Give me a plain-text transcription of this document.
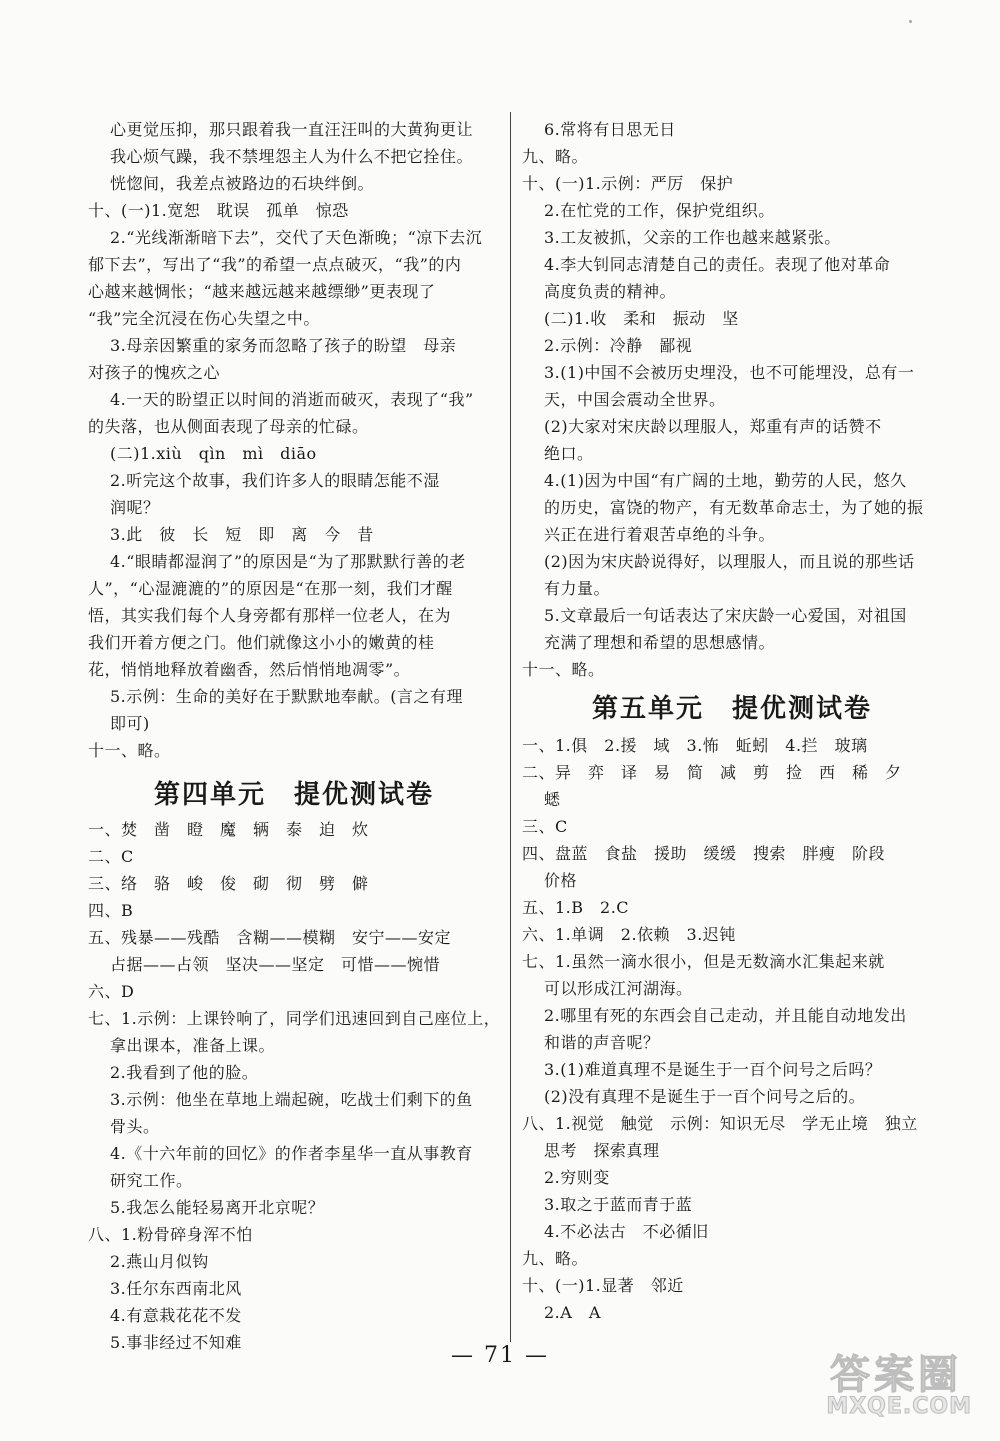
心更觉压抑，那只跟着我一直汪汪叫的大黄狗更让
我心烦气躁，我不禁埋怨主人为什么不把它拴住。
恍惚间，我差点被路边的石块绊倒。
十、(一)1.宽恕　耽误　孤单　惊恐
2.“光线渐渐暗下去”，交代了天色渐晚；“凉下去沉
郁下去”，写出了“我”的希望一点点破灭，“我”的内
心越来越惆怅；“越来越远越来越缥缈”更表现了
“我”完全沉浸在伤心失望之中。
3.母亲因繁重的家务而忽略了孩子的盼望　母亲
对孩子的愧疚之心
4.一天的盼望正以时间的消逝而破灭，表现了“我”
的失落，也从侧面表现了母亲的忙碌。
(二)1.xiù　qìn　mì　diāo
2.听完这个故事，我们许多人的眼睛怎能不湿
润呢？
3.此　彼　长　短　即　离　今　昔
4.“眼睛都湿润了”的原因是“为了那默默行善的老
人”，“心湿漉漉的”的原因是“在那一刻，我们才醒
悟，其实我们每个人身旁都有那样一位老人，在为
我们开着方便之门。他们就像这小小的嫩黄的桂
花，悄悄地释放着幽香，然后悄悄地凋零”。
5.示例：生命的美好在于默默地奉献。(言之有理
即可)
十一、略。
6.常将有日思无日
九、略。
十、(一)1.示例：严厉　保护
2.在忙党的工作，保护党组织。
3.工友被抓，父亲的工作也越来越紧张。
4.李大钊同志清楚自己的责任。表现了他对革命
高度负责的精神。
(二)1.收　柔和　振动　坚
2.示例：冷静　鄙视
3.(1)中国不会被历史埋没，也不可能埋没，总有一
天，中国会震动全世界。
(2)大家对宋庆龄以理服人，郑重有声的话赞不
绝口。
4.(1)因为中国“有广阔的土地，勤劳的人民，悠久
的历史，富饶的物产，有无数革命志士，为了她的振
兴正在进行着艰苦卓绝的斗争。
(2)因为宋庆龄说得好，以理服人，而且说的那些话
有力量。
5.文章最后一句话表达了宋庆龄一心爱国，对祖国
充满了理想和希望的思想感情。
十一、略。
第四单元　提优测试卷
一、焚　凿　瞪　魔　辆　泰　迫　炊
二、C
三、络　骆　峻　俊　砌　彻　劈　僻
四、B
五、残暴——残酷　含糊——模糊　安宁——安定
占据——占领　坚决——坚定　可惜——惋惜
六、D
七、1.示例：上课铃响了，同学们迅速回到自己座位上，
拿出课本，准备上课。
2.我看到了他的脸。
3.示例：他坐在草地上端起碗，吃战士们剩下的鱼
骨头。
4.《十六年前的回忆》的作者李星华一直从事教育
研究工作。
5.我怎么能轻易离开北京呢？
八、1.粉骨碎身浑不怕
2.燕山月似钩
3.任尔东西南北风
4.有意栽花花不发
5.事非经过不知难
第五单元　提优测试卷
一、1.俱　2.援　域　3.怖　蚯蚓　4.拦　玻璃
二、异　弈　译　易　简　减　剪　捡　西　稀　夕
蟋
三、C
四、盘蓝　食盐　援助　缓缓　搜索　胖瘦　阶段
价格
五、1.B　2.C
六、1.单调　2.依赖　3.迟钝
七、1.虽然一滴水很小，但是无数滴水汇集起来就
可以形成江河湖海。
2.哪里有死的东西会自己走动，并且能自动地发出
和谐的声音呢？
3.(1)难道真理不是诞生于一百个问号之后吗？
(2)没有真理不是诞生于一百个问号之后的。
八、1.视觉　触觉　示例：知识无尽　学无止境　独立
思考　探索真理
2.穷则变
3.取之于蓝而青于蓝
4.不必法古　不必循旧
九、略。
十、(一)1.显著　邻近
2.A　A
— 71 —	答案圈
MXQE.COM
